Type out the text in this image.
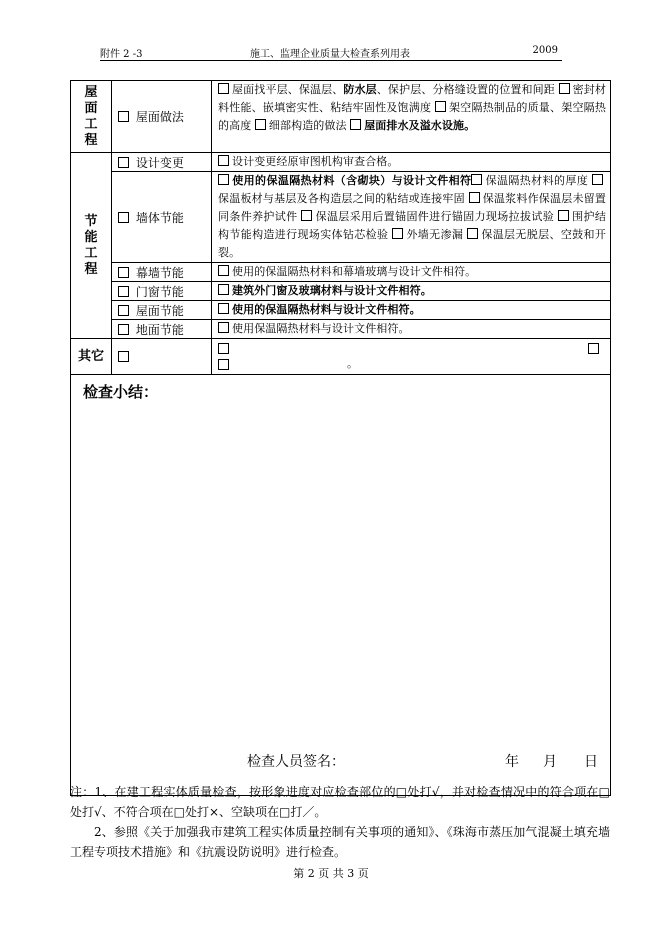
附件 2 -3	施工、监理企业质量大检查系列用表	2009
屋
面
工
程	屋面做法	屋面找平层、保温层、防水层、保护层、分格缝设置的位置和间距 密封材料性能、嵌填密实性、粘结牢固性及饱满度 架空隔热制品的质量、架空隔热的高度 细部构造的做法 屋面排水及溢水设施。

节
能
工
程	设计变更	设计变更经原审图机构审查合格。
	墙体节能	使用的保温隔热材料（含砌块）与设计文件相符 保温隔热材料的厚度 保温板材与基层及各构造层之间的粘结或连接牢固 保温浆料作保温层未留置同条件养护试件 保温层采用后置锚固件进行锚固力现场拉拔试验 围护结构节能构造进行现场实体钻芯检验 外墙无渗漏 保温层无脱层、空鼓和开裂。
	幕墙节能	使用的保温隔热材料和幕墙玻璃与设计文件相符。
	门窗节能	建筑外门窗及玻璃材料与设计文件相符。
	屋面节能	使用的保温隔热材料与设计文件相符。
	地面节能	使用保温隔热材料与设计文件相符。
其它		。

检查小结：
检查人员签名： 年 月 日		

注：1、在建工程实体质量检查，按形象进度对应检查部位的□处打√，并对检查情况中的符合项在□处打√、不符合项在□处打×、空缺项在□打／。

2、参照《关于加强我市建筑工程实体质量控制有关事项的通知》、《珠海市蒸压加气混凝土填充墙工程专项技术措施》和《抗震设防说明》进行检查。

第 2 页 共 3 页
